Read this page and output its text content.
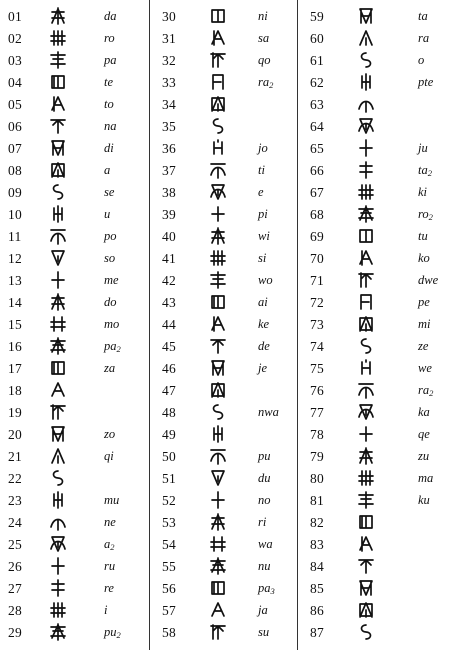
01	da
02	ro
03	pa
04	te
05	to
06	na
07	di
08	a
09	se
10	u
11	po
12	so
13	me
14	do
15	mo
16	$pa_2$
17	za
18
19
20	zo
21	qi
22
23	mu
24	ne
25	$a_2$
26	ru
27	re
28	i
29	$pu_2$
30	ni
31	sa
32	qo
33	$ra_2$
34
35
36	jo
37	ti
38	e
39	pi
40	wi
41	si
42	wo
43	ai
44	ke
45	de
46	je
47
48	nwa
49
50	pu
51	du
52	no
53	ri
54	wa
55	nu
56	$pa_3$
57	ja
58	su
59	ta
60	ra
61	o
62	pte
63
64
65	ju
66	$ta_2$
67	ki
68	$ro_2$
69	tu
70	ko
71	dwe
72	pe
73	mi
74	ze
75	we
76	$ra_2$
77	ka
78	qe
79	zu
80	ma
81	ku
82
83
84
85
86
87
